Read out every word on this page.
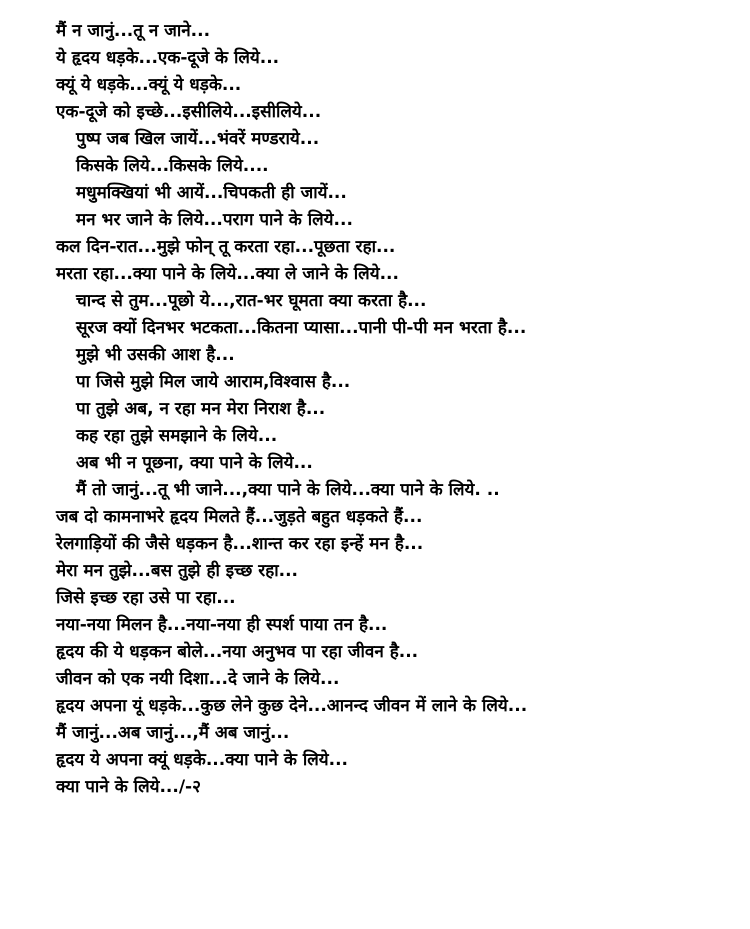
मैं न जानुं...तू न जाने...
ये हृदय धड़के...एक-दूजे के लिये...
क्यूं ये धड़के...क्यूं ये धड़के...
एक-दूजे को इच्छे...इसीलिये...इसीलिये...
पुष्प जब खिल जायें...भंवरें मण्डराये...
किसके लिये...किसके लिये....
मधुमक्खियां भी आयें...चिपकती ही जायें...
मन भर जाने के लिये...पराग पाने के लिये...
कल दिन-रात...मुझे फोन् तू करता रहा...पूछता रहा...
मरता रहा...क्या पाने के लिये...क्या ले जाने के लिये...
चान्द से तुम...पूछो ये...,रात-भर घूमता क्या करता है...
सूरज क्यों दिनभर भटकता...कितना प्यासा...पानी पी-पी मन भरता है...
मुझे भी उसकी आश है...
पा जिसे मुझे मिल जाये आराम,विश्वास है...
पा तुझे अब, न रहा मन मेरा निराश है...
कह रहा तुझे समझाने के लिये...
अब भी न पूछना, क्या पाने के लिये...
मैं तो जानुं...तू भी जाने...,क्या पाने के लिये...क्या पाने के लिये. ..
जब दो कामनाभरे हृदय मिलते हैं...जुड़ते बहुत धड़कते हैं...
रेलगाड़ियों की जैसे धड़कन है...शान्त कर रहा इन्हें मन है...
मेरा मन तुझे...बस तुझे ही इच्छ रहा...
जिसे इच्छ रहा उसे पा रहा...
नया-नया मिलन है...नया-नया ही स्पर्श पाया तन है...
हृदय की ये धड़कन बोले...नया अनुभव पा रहा जीवन है...
जीवन को एक नयी दिशा...दे जाने के लिये...
हृदय अपना यूं धड़के...कुछ लेने कुछ देने...आनन्द जीवन में लाने के लिये...
मैं जानुं...अब जानुं...,मैं अब जानुं...
हृदय ये अपना क्यूं धड़के...क्या पाने के लिये...
क्या पाने के लिये.../-२
